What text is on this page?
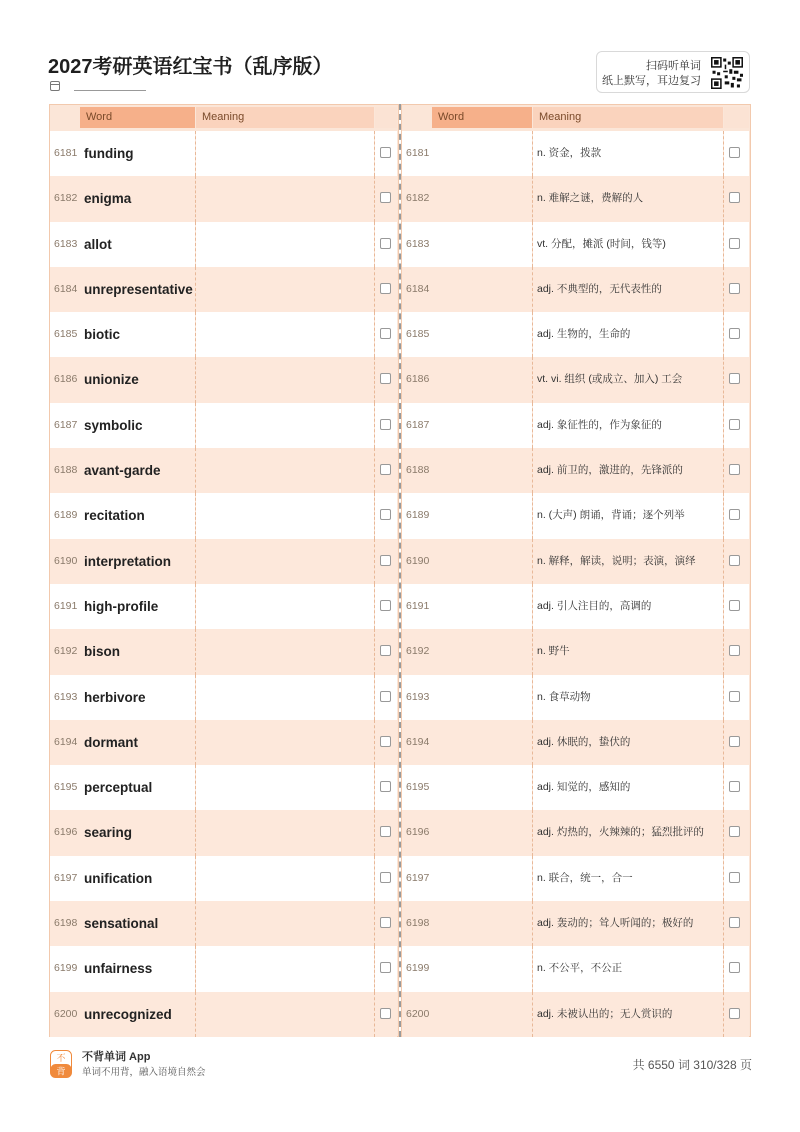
2027考研英语红宝书（乱序版）	扫码听单词
纸上默写，耳边复习
Word	Meaning
6181 funding
6182 enigma
6183 allot
6184 unrepresentative
6185 biotic
6186 unionize
6187 symbolic
6188 avant-garde
6189 recitation
6190 interpretation
6191 high-profile
6192 bison
6193 herbivore
6194 dormant
6195 perceptual
6196 searing
6197 unification
6198 sensational
6199 unfairness
6200 unrecognized
Word	Meaning
6181	n. 资金，拨款
6182	n. 难解之谜，费解的人
6183	vt. 分配，摊派 (时间，钱等)
6184	adj. 不典型的，无代表性的
6185	adj. 生物的，生命的
6186	vt. vi. 组织 (或成立、加入) 工会
6187	adj. 象征性的，作为象征的
6188	adj. 前卫的，激进的，先锋派的
6189	n. (大声) 朗诵，背诵；逐个列举
6190	n. 解释，解读，说明；表演，演绎
6191	adj. 引人注目的，高调的
6192	n. 野牛
6193	n. 食草动物
6194	adj. 休眠的，蛰伏的
6195	adj. 知觉的，感知的
6196	adj. 灼热的，火辣辣的；猛烈批评的
6197	n. 联合，统一，合一
6198	adj. 轰动的；耸人听闻的；极好的
6199	n. 不公平，不公正
6200	adj. 未被认出的；无人赏识的
不
背
不背单词 App
单词不用背，融入语境自然会
共 6550 词 310/328 页
